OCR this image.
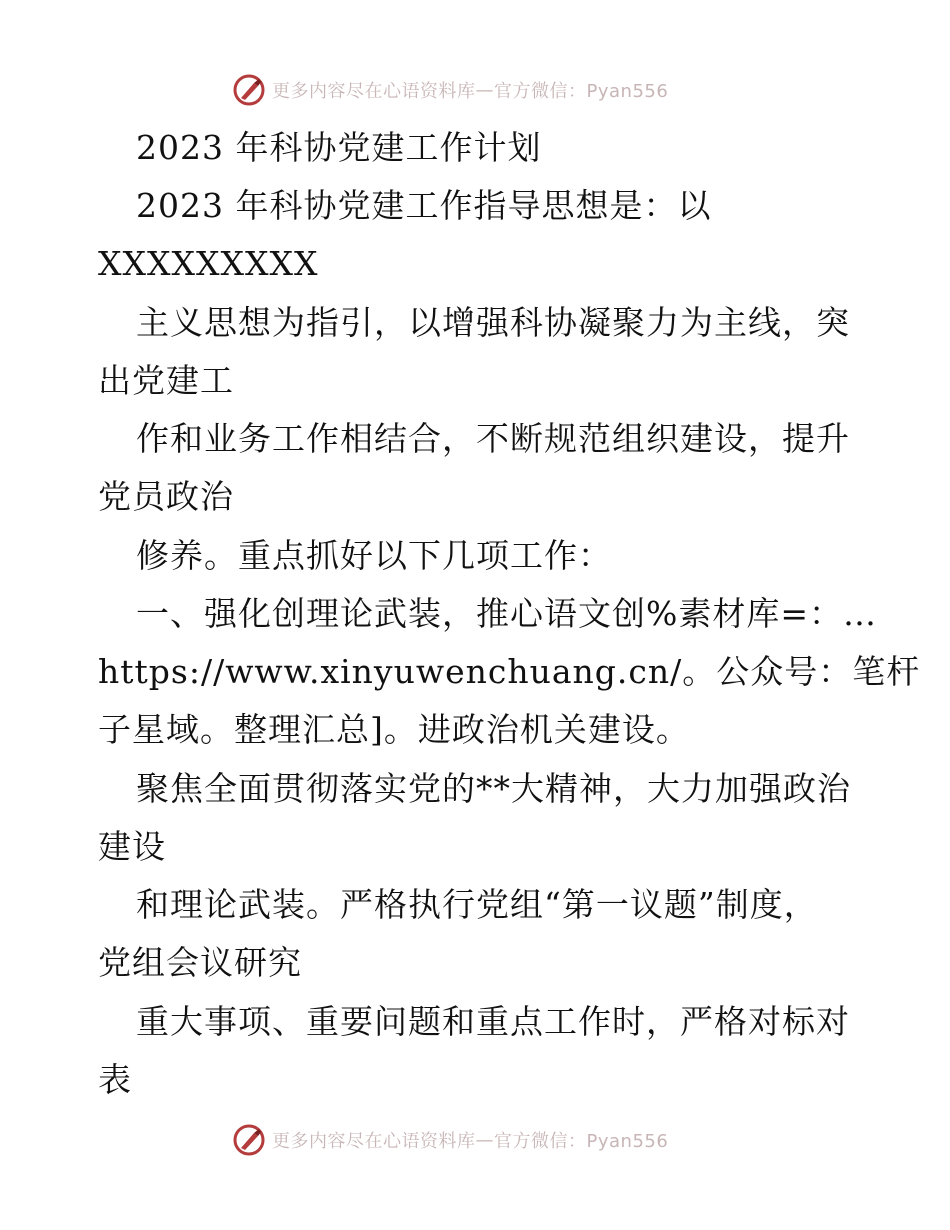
更多内容尽在心语资料库 — 官方微信：Pyan556
2023 年科协党建工作计划
2023 年科协党建工作指导思想是：以
XXXXXXXXX
主义思想为指引，以增强科协凝聚力为主线，突
出党建工
作和业务工作相结合，不断规范组织建设，提升
党员政治
修养。重点抓好以下几项工作：
一、强化创理论武装，推心语文创%素材库=：…
https://www.xinyuwenchuang.cn/。公众号：笔杆
子星域。整理汇总]。进政治机关建设。
聚焦全面贯彻落实党的**大精神，大力加强政治
建设
和理论武装。严格执行党组“第一议题”制度，
党组会议研究
重大事项、重要问题和重点工作时，严格对标对
表
更多内容尽在心语资料库 — 官方微信：Pyan556
